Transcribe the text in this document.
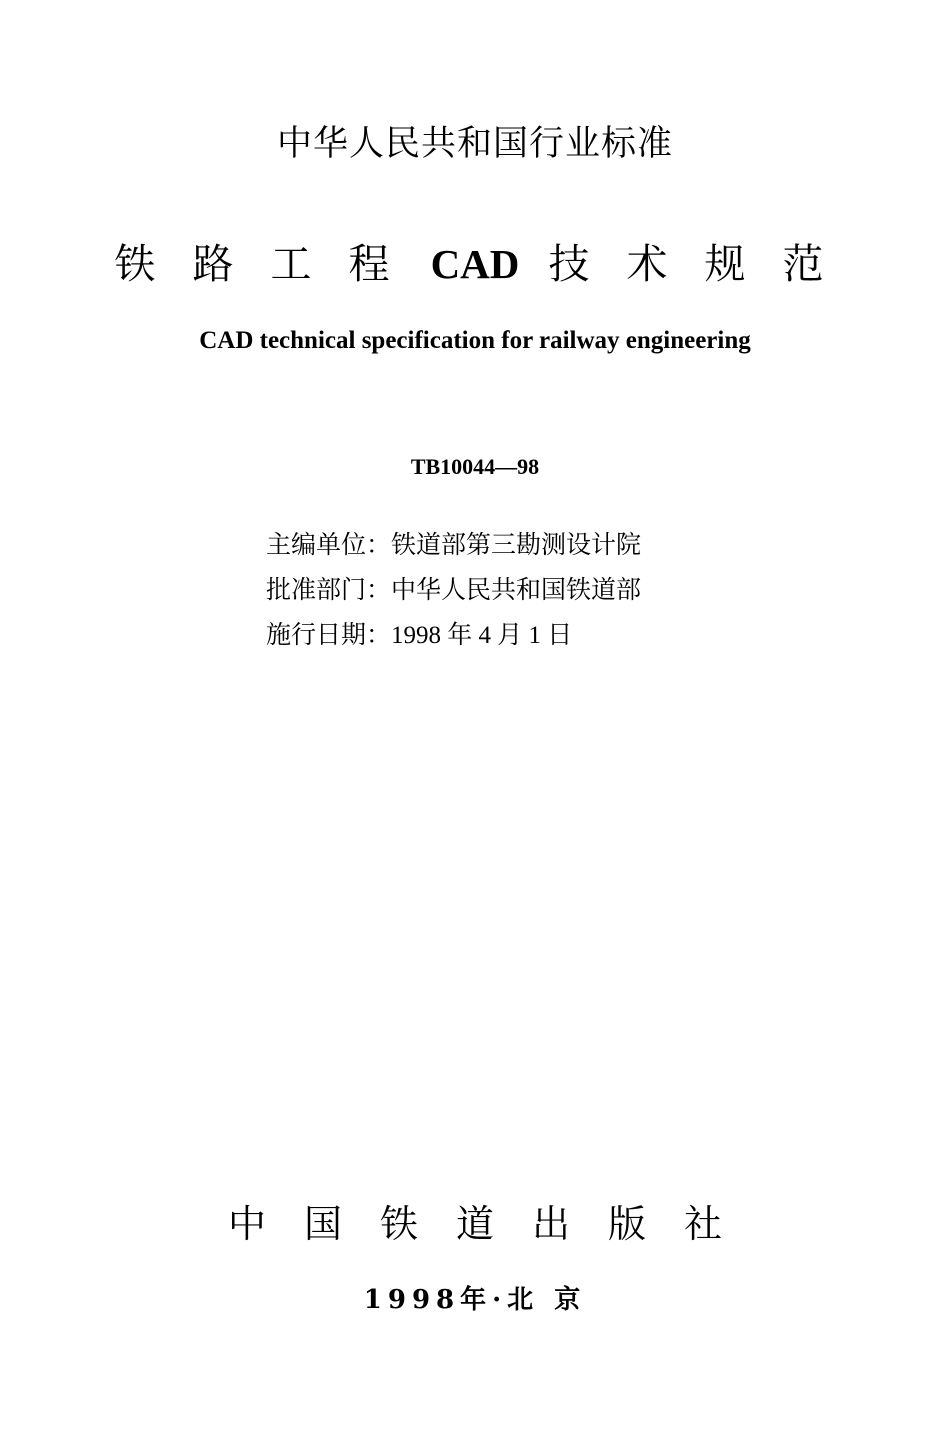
中华人民共和国行业标准
铁 路 工 程 CAD 技 术 规 范
CAD technical specification for railway engineering
TB10044—98
主编单位：铁道部第三勘测设计院
批准部门：中华人民共和国铁道部
施行日期：1998 年 4 月 1 日
中国铁道出版社
1998年·北 京
